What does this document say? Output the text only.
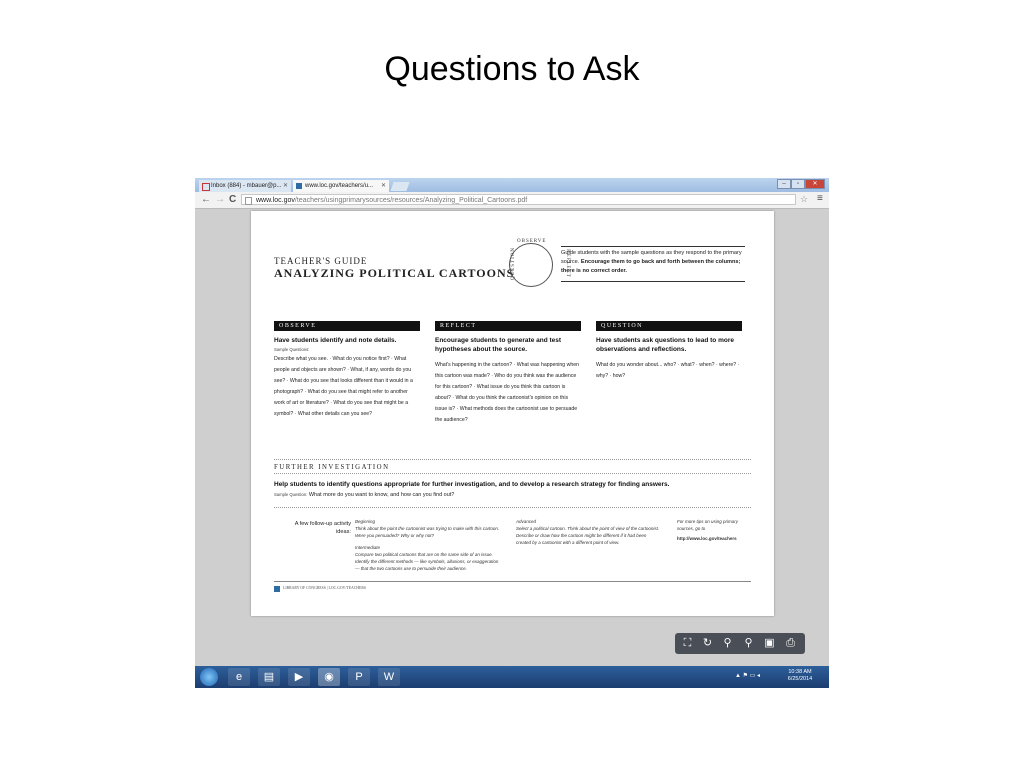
Questions to Ask
Inbox (884) - mbauer@p... ✕	www.loc.gov/teachers/u... ✕	–	▫	✕
← → C	www.loc.gov/teachers/usingprimarysources/resources/Analyzing_Political_Cartoons.pdf	☆ ≡
TEACHER'S GUIDE
ANALYZING POLITICAL CARTOONS
OBSERVE
REFLECT
QUESTION	Guide students with the sample questions as they respond to the primary source. Encourage them to go back and forth between the columns; there is no correct order.
OBSERVE
Have students identify and note details.
Sample Questions:
Describe what you see. · What do you notice first? · What people and objects are shown? · What, if any, words do you see? · What do you see that looks different than it would in a photograph? · What do you see that might refer to another work of art or literature? · What do you see that might be a symbol? · What other details can you see?
REFLECT
Encourage students to generate and test hypotheses about the source.
What's happening in the cartoon? · What was happening when this cartoon was made? · Who do you think was the audience for this cartoon? · What issue do you think this cartoon is about? · What do you think the cartoonist's opinion on this issue is? · What methods does the cartoonist use to persuade the audience?
QUESTION
Have students ask questions to lead to more observations and reflections.
What do you wonder about... who? · what? · when? · where? · why? · how?
FURTHER INVESTIGATION
Help students to identify questions appropriate for further investigation, and to develop a research strategy for finding answers.
Sample Question: What more do you want to know, and how can you find out?
A few follow-up activity ideas:
Beginning
Think about the point the cartoonist was trying to make with this cartoon. Were you persuaded? Why or why not?
Intermediate
Compare two political cartoons that are on the same side of an issue. Identify the different methods — like symbols, allusions, or exaggeration — that the two cartoons use to persuade their audience.
Advanced
Select a political cartoon. Think about the point of view of the cartoonist. Describe or draw how the cartoon might be different if it had been created by a cartoonist with a different point of view.
For more tips on using primary sources, go to
http://www.loc.gov/teachers
LIBRARY OF CONGRESS | LOC.GOV/TEACHERS
⛶	↻	⚲	⚲	▣ ⎙
e	▤	▶	◉	P	W	▲ ⚑ ▭ ◂
10:38 AM
6/25/2014
